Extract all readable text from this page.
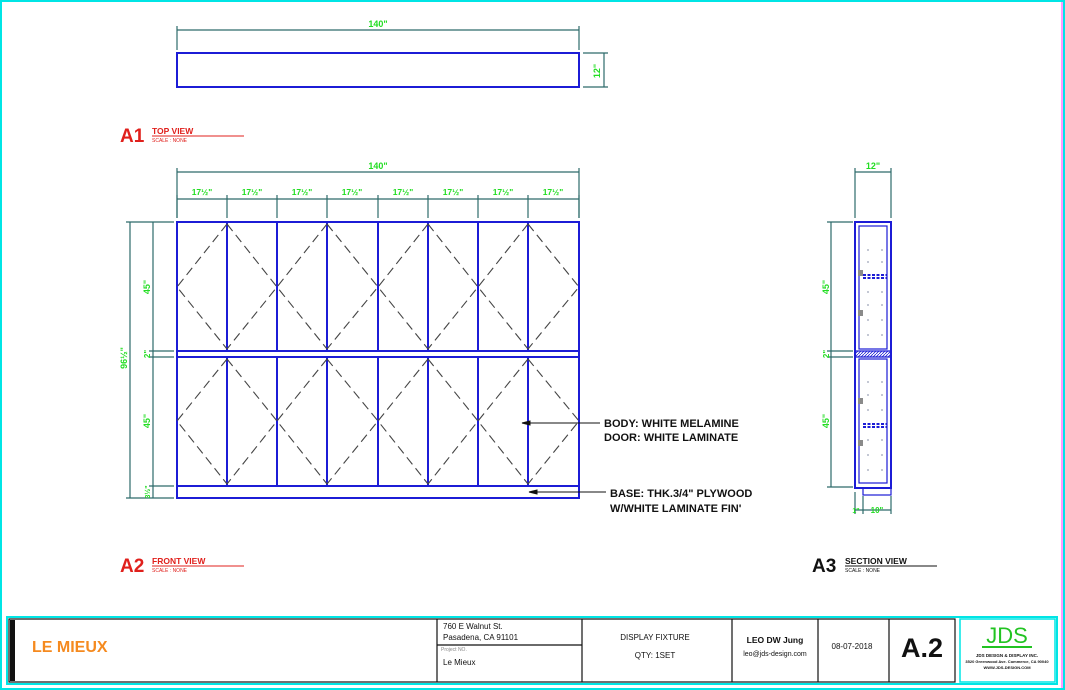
140"
12"
A1 TOP VIEW
SCALE : NONE
140"
17½"	17½"	17½"	17½"	17½"	17½"	17½"	17½"
96½"
45"
2"
45"
3½"
BODY: WHITE MELAMINE
DOOR: WHITE LAMINATE
BASE: THK.3/4" PLYWOOD
W/WHITE LAMINATE FIN'
A2 FRONT VIEW
SCALE : NONE
12"
45"
2"
45"
1" 10"
A3 SECTION VIEW
SCALE : NONE
LE MIEUX
760 E Walnut St.
Pasadena, CA 91101
Project NO.
Le Mieux
DISPLAY FIXTURE
QTY: 1SET
LEO DW Jung
leo@jds-design.com
08-07-2018 A.2 JDS
JDS DESIGN & DISPLAY INC.
3520 Greenwood Ave. Commerce, CA 90040
WWW.JDS-DESIGN.COM
